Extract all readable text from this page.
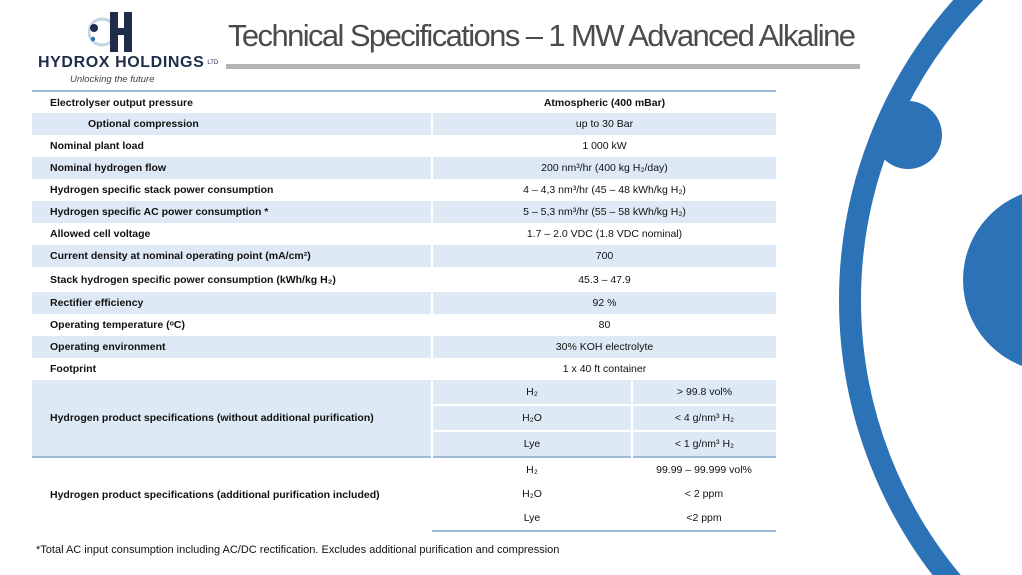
HYDROX HOLDINGS LTD
Unlocking the future
Technical Specifications – 1 MW Advanced Alkaline
Electrolyser output pressure	Atmospheric (400 mBar)	
Optional compression	up to 30 Bar	
Nominal plant load	1 000 kW	
Nominal hydrogen flow	200 nm³/hr (400 kg H₂/day)	
Hydrogen specific stack power consumption	4 – 4,3 nm³/hr (45 – 48 kWh/kg H₂)	
Hydrogen specific AC power consumption *	5 – 5,3 nm³/hr (55 – 58 kWh/kg H₂)	
Allowed cell voltage	1.7 – 2.0 VDC (1.8 VDC nominal)	
Current density at nominal operating point (mA/cm²)	700	
Stack hydrogen specific power consumption (kWh/kg H₂)	45.3 – 47.9	
Rectifier efficiency	92 %	
Operating temperature (ᵒC)	80	
Operating environment	30% KOH electrolyte	
Footprint	1 x 40 ft container	
Hydrogen product specifications (without additional purification)	H₂	> 99.8 vol%
	H₂O	< 4 g/nm³ H₂
	Lye	< 1 g/nm³ H₂
Hydrogen product specifications (additional purification included)	H₂	99.99 – 99.999 vol%
	H₂O	< 2 ppm
	Lye	<2 ppm
*Total AC input consumption including AC/DC rectification. Excludes additional purification and compression
